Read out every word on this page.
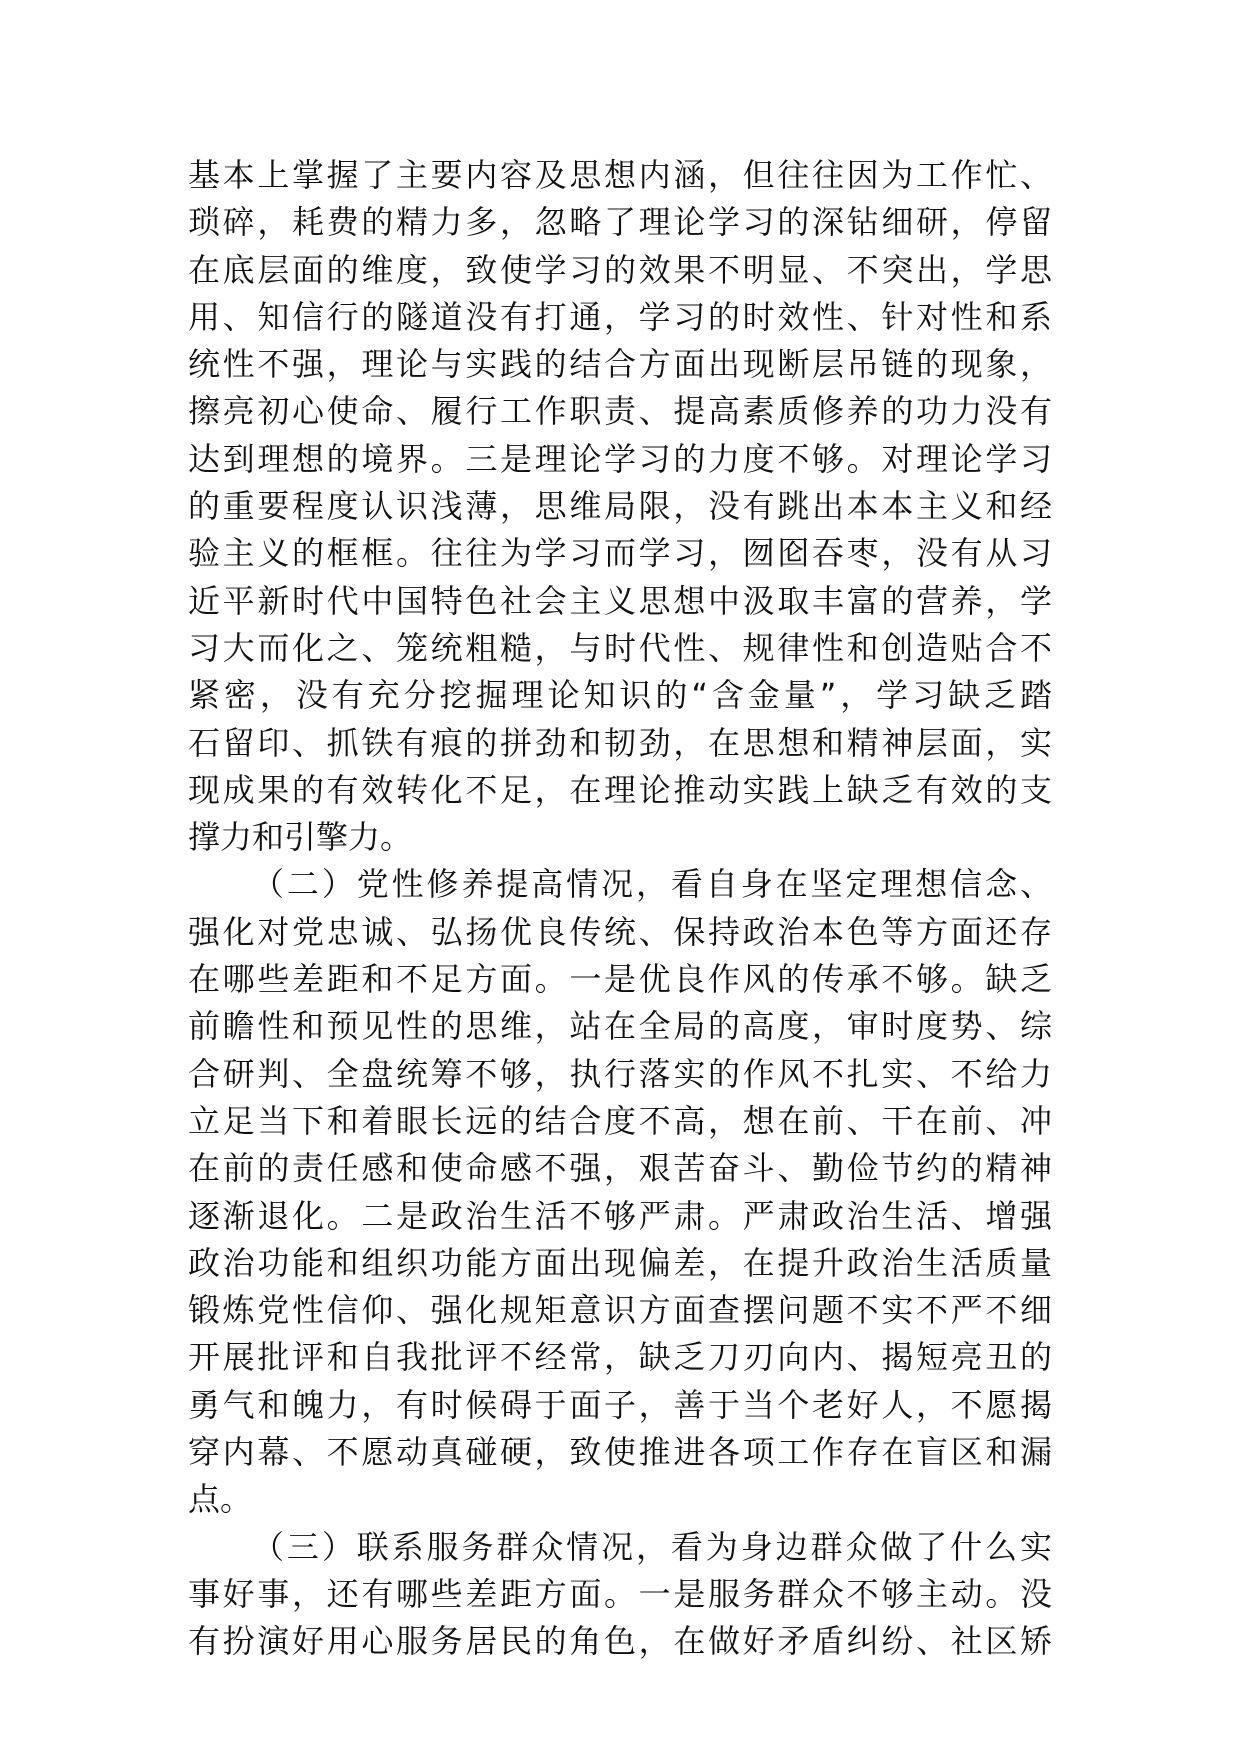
基本上掌握了主要内容及思想内涵，但往往因为工作忙、
琐碎，耗费的精力多，忽略了理论学习的深钻细研，停留
在底层面的维度，致使学习的效果不明显、不突出，学思
用、知信行的隧道没有打通，学习的时效性、针对性和系
统性不强，理论与实践的结合方面出现断层吊链的现象，
擦亮初心使命、履行工作职责、提高素质修养的功力没有
达到理想的境界。三是理论学习的力度不够。对理论学习
的重要程度认识浅薄，思维局限，没有跳出本本主义和经
验主义的框框。往往为学习而学习，囫囵吞枣，没有从习
近平新时代中国特色社会主义思想中汲取丰富的营养，学
习大而化之、笼统粗糙，与时代性、规律性和创造贴合不
紧密，没有充分挖掘理论知识的“含金量”，学习缺乏踏
石留印、抓铁有痕的拼劲和韧劲，在思想和精神层面，实
现成果的有效转化不足，在理论推动实践上缺乏有效的支
撑力和引擎力。
（二）党性修养提高情况，看自身在坚定理想信念、
强化对党忠诚、弘扬优良传统、保持政治本色等方面还存
在哪些差距和不足方面。一是优良作风的传承不够。缺乏
前瞻性和预见性的思维，站在全局的高度，审时度势、综
合研判、全盘统筹不够，执行落实的作风不扎实、不给力
立足当下和着眼长远的结合度不高，想在前、干在前、冲
在前的责任感和使命感不强，艰苦奋斗、勤俭节约的精神
逐渐退化。二是政治生活不够严肃。严肃政治生活、增强
政治功能和组织功能方面出现偏差，在提升政治生活质量
锻炼党性信仰、强化规矩意识方面查摆问题不实不严不细
开展批评和自我批评不经常，缺乏刀刃向内、揭短亮丑的
勇气和魄力，有时候碍于面子，善于当个老好人，不愿揭
穿内幕、不愿动真碰硬，致使推进各项工作存在盲区和漏
点。
（三）联系服务群众情况，看为身边群众做了什么实
事好事，还有哪些差距方面。一是服务群众不够主动。没
有扮演好用心服务居民的角色，在做好矛盾纠纷、社区矫
